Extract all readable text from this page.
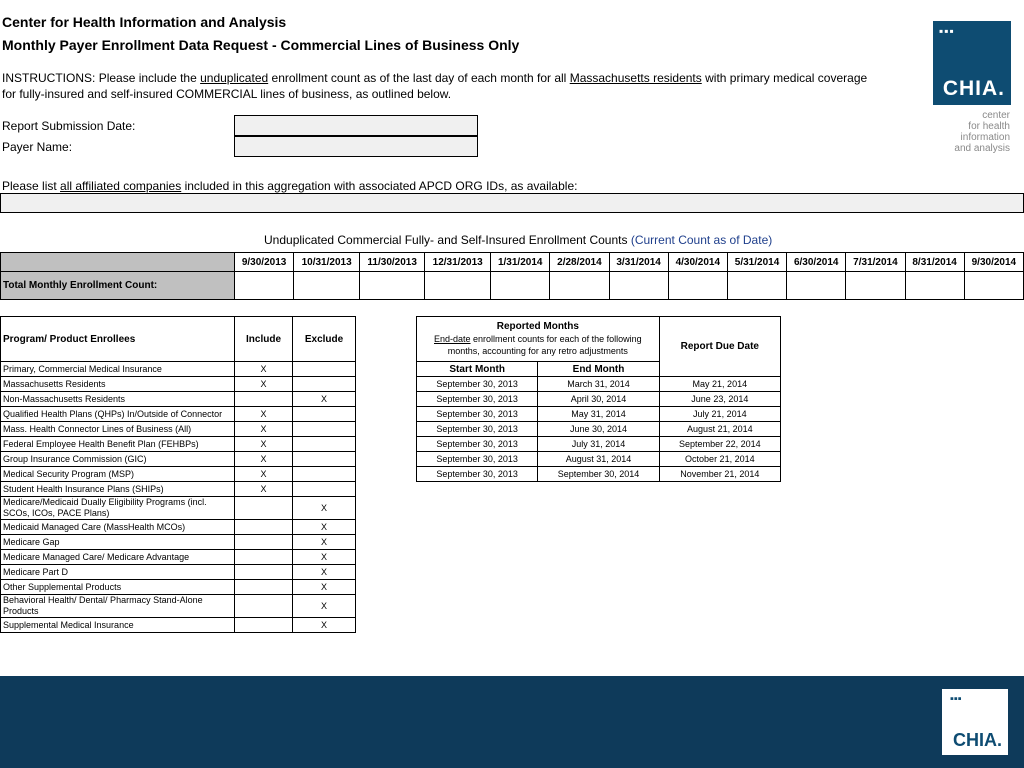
Center for Health Information and Analysis
Monthly Payer Enrollment Data Request - Commercial Lines of Business Only
INSTRUCTIONS: Please include the unduplicated enrollment count as of the last day of each month for all Massachusetts residents with primary medical coverage
for fully-insured and self-insured COMMERCIAL lines of business, as outlined below.
Report Submission Date:
Payer Name:
▪▪▪
CHIA.
center
for health
information
and analysis
Please list all affiliated companies included in this aggregation with associated APCD ORG IDs, as available:
Unduplicated Commercial Fully- and Self-Insured Enrollment Counts (Current Count as of Date)
	9/30/2013	10/31/2013	11/30/2013	12/31/2013	1/31/2014	2/28/2014	3/31/2014	4/30/2014	5/31/2014	6/30/2014	7/31/2014	8/31/2014	9/30/2014
Total Monthly Enrollment Count:													
Program/ Product Enrollees	Include	Exclude
Primary, Commercial Medical Insurance	X	
Massachusetts Residents	X	
Non-Massachusetts Residents		X
Qualified Health Plans (QHPs) In/Outside of Connector	X	
Mass. Health Connector Lines of Business (All)	X	
Federal Employee Health Benefit Plan (FEHBPs)	X	
Group Insurance Commission (GIC)	X	
Medical Security Program (MSP)	X	
Student Health Insurance Plans (SHIPs)	X	
Medicare/Medicaid Dually Eligibility Programs (incl. SCOs, ICOs, PACE Plans)		X
Medicaid Managed Care (MassHealth MCOs)		X
Medicare Gap		X
Medicare Managed Care/ Medicare Advantage		X
Medicare Part D		X
Other Supplemental Products		X
Behavioral Health/ Dental/ Pharmacy Stand-Alone Products		X
Supplemental Medical Insurance		X
Reported Months
End-date enrollment counts for each of the following months, accounting for any retro adjustments		Report Due Date
Start Month	End Month	
September 30, 2013	March 31, 2014	May 21, 2014
September 30, 2013	April 30, 2014	June 23, 2014
September 30, 2013	May 31, 2014	July 21, 2014
September 30, 2013	June 30, 2014	August 21, 2014
September 30, 2013	July 31, 2014	September 22, 2014
September 30, 2013	August 31, 2014	October 21, 2014
September 30, 2013	September 30, 2014	November 21, 2014
▪▪▪
CHIA.
